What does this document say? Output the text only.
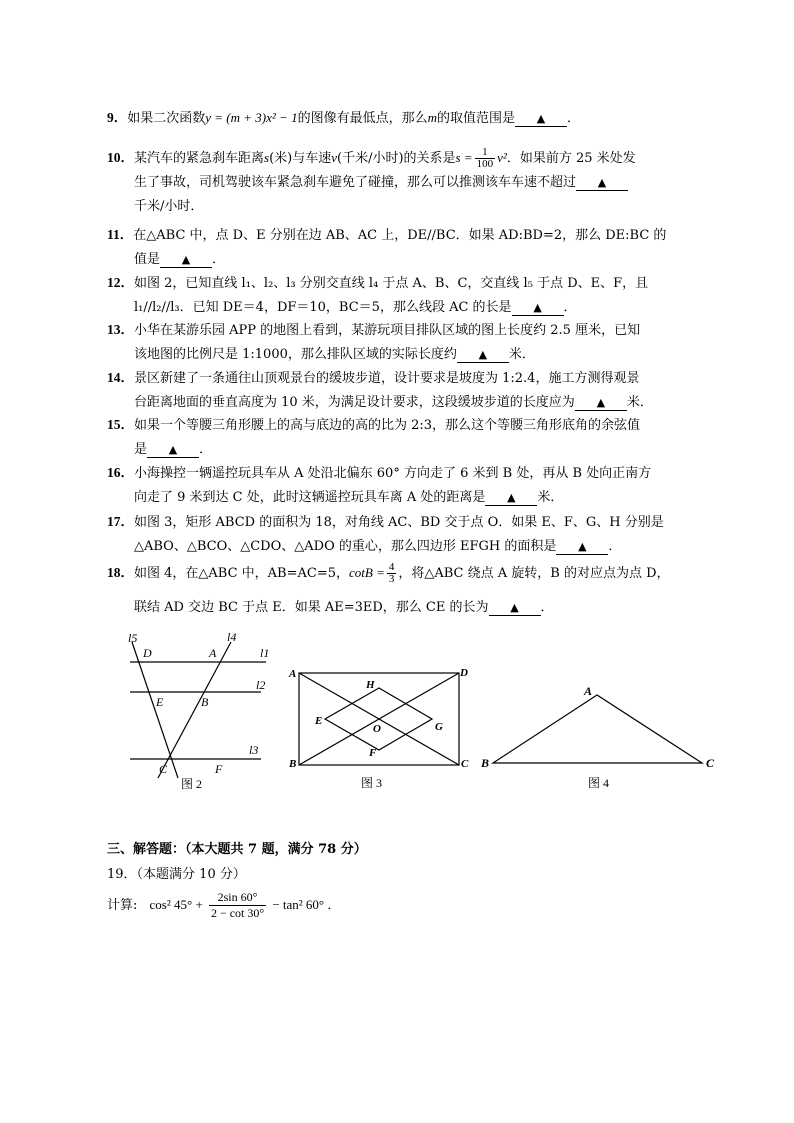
9．如果二次函数y = (m + 3)x² − 1的图像有最低点，那么m的取值范围是 ▲ ．
10．某汽车的紧急刹车距离s(米)与车速v(千米/小时)的关系是$s = \frac{1}{100} v^2$．如果前方 25 米处发
生了事故，司机驾驶该车紧急刹车避免了碰撞，那么可以推测该车车速不超过 ▲
千米/小时．
11．在△ABC 中，点 D、E 分别在边 AB、AC 上，DE//BC．如果 AD:BD=2，那么 DE:BC 的
值是 ▲ ．
12．如图 2，已知直线 l₁、l₂、l₃ 分别交直线 l₄ 于点 A、B、C，交直线 l₅ 于点 D、E、F，且
l₁//l₂//l₃．已知 DE＝4，DF＝10，BC＝5，那么线段 AC 的长是 ▲ ．
13．小华在某游乐园 APP 的地图上看到，某游玩项目排队区域的图上长度约 2.5 厘米，已知
该地图的比例尺是 1:1000，那么排队区域的实际长度约 ▲ 米．
14．景区新建了一条通往山顶观景台的缓坡步道，设计要求是坡度为 1:2.4，施工方测得观景
台距离地面的垂直高度为 10 米，为满足设计要求，这段缓坡步道的长度应为 ▲ 米．
15．如果一个等腰三角形腰上的高与底边的高的比为 2:3，那么这个等腰三角形底角的余弦值
是 ▲ ．
16．小海操控一辆遥控玩具车从 A 处沿北偏东 60° 方向走了 6 米到 B 处，再从 B 处向正南方
向走了 9 米到达 C 处，此时这辆遥控玩具车离 A 处的距离是 ▲ 米．
17．如图 3，矩形 ABCD 的面积为 18，对角线 AC、BD 交于点 O．如果 E、F、G、H 分别是
△ABO、△BCO、△CDO、△ADO 的重心，那么四边形 EFGH 的面积是 ▲ ．
18．如图 4，在△ABC 中，AB=AC=5，$\cot B = \frac{4}{3}$ ，将△ABC 绕点 A 旋转，B 的对应点为点 D，
联结 AD 交边 BC 于点 E．如果 AE=3ED，那么 CE 的长为 ▲ ．
l5	l4
l1
l2
l3
D	A
E	B
C	F
图 2
A	D
B	C
H
E
O	G
F
图 3
A
B	C
图 4
三、解答题：（本大题共 7 题，满分 78 分）
19．（本题满分 10 分）
计算: cos² $45^\circ + \frac{2\sin 60^\circ}{2 - \cot 30^\circ} - \tan^2$ 60° ．
